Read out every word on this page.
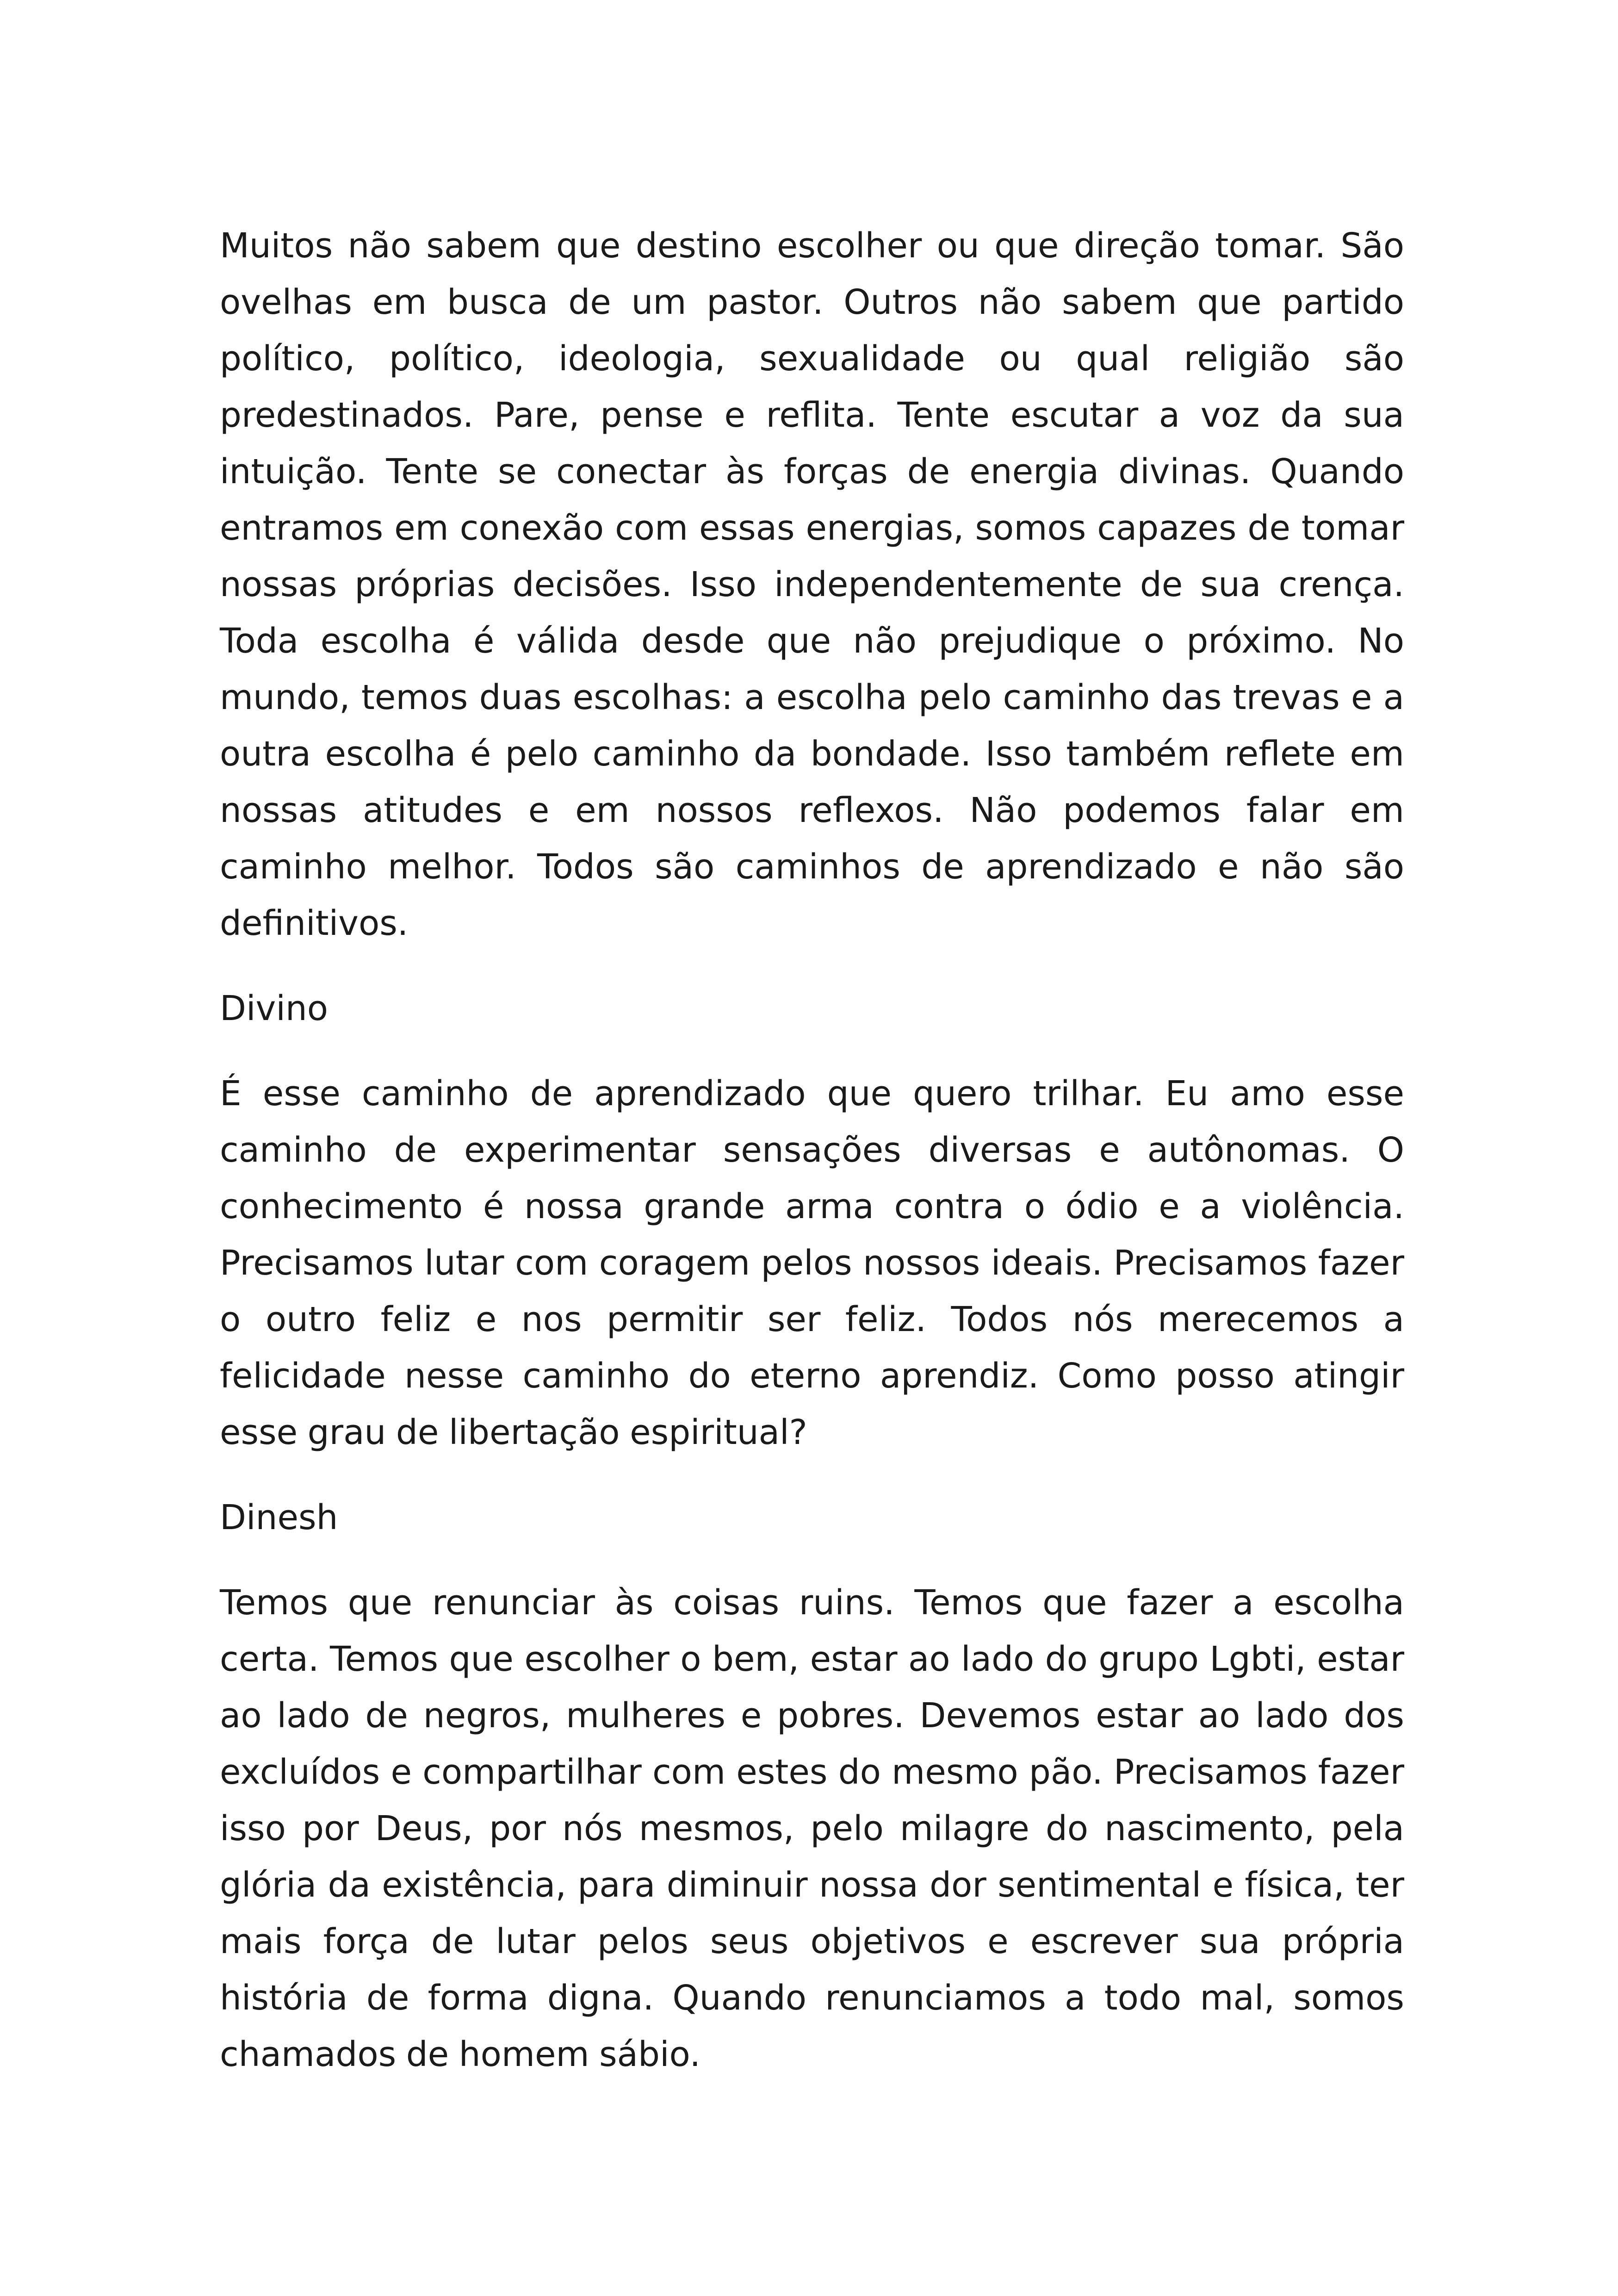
Muitos não sabem que destino escolher ou que direção tomar. São ovelhas em busca de um pastor. Outros não sabem que partido político, político, ideologia, sexualidade ou qual religião são predestinados. Pare, pense e reflita. Tente escutar a voz da sua intuição. Tente se conectar às forças de energia divinas. Quando entramos em conexão com essas energias, somos capazes de tomar nossas próprias decisões. Isso independentemente de sua crença. Toda escolha é válida desde que não prejudique o próximo. No mundo, temos duas escolhas: a escolha pelo caminho das trevas e a outra escolha é pelo caminho da bondade. Isso também reflete em nossas atitudes e em nossos reflexos. Não podemos falar em caminho melhor. Todos são caminhos de aprendizado e não são definitivos.

Divino

É esse caminho de aprendizado que quero trilhar. Eu amo esse caminho de experimentar sensações diversas e autônomas. O conhecimento é nossa grande arma contra o ódio e a violência. Precisamos lutar com coragem pelos nossos ideais. Precisamos fazer o outro feliz e nos permitir ser feliz. Todos nós merecemos a felicidade nesse caminho do eterno aprendiz. Como posso atingir esse grau de libertação espiritual?

Dinesh

Temos que renunciar às coisas ruins. Temos que fazer a escolha certa. Temos que escolher o bem, estar ao lado do grupo Lgbti, estar ao lado de negros, mulheres e pobres. Devemos estar ao lado dos excluídos e compartilhar com estes do mesmo pão. Precisamos fazer isso por Deus, por nós mesmos, pelo milagre do nascimento, pela glória da existência, para diminuir nossa dor sentimental e física, ter mais força de lutar pelos seus objetivos e escrever sua própria história de forma digna. Quando renunciamos a todo mal, somos chamados de homem sábio.
